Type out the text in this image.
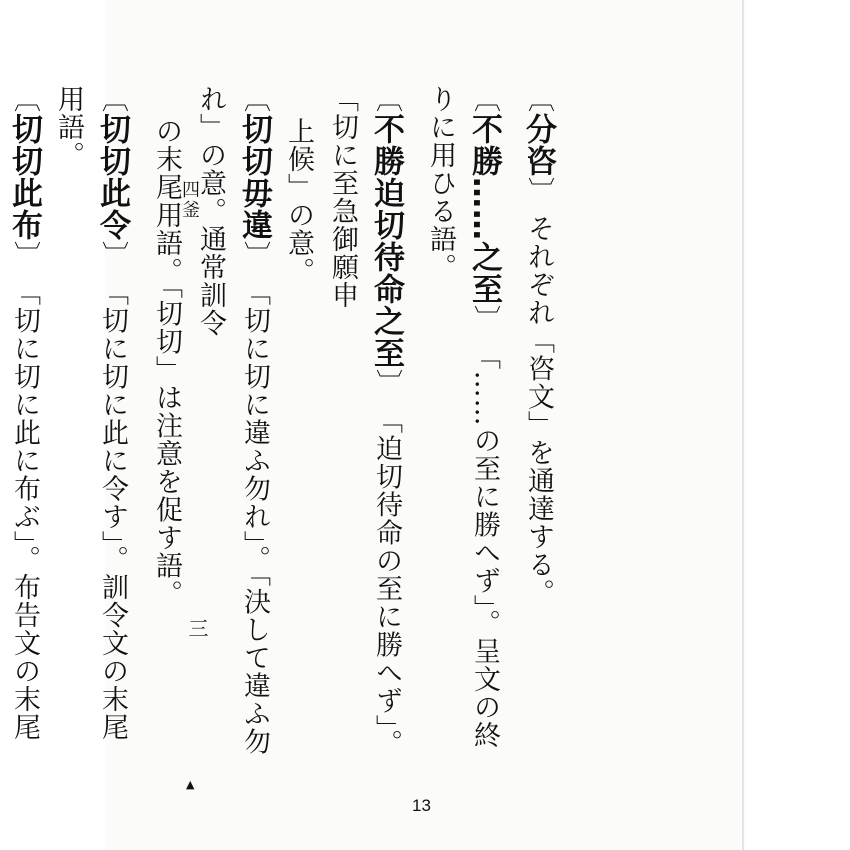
〔分咨〕 それぞれ「咨文」を通達する。

〔不勝……之至〕 「……の至に勝へず」。呈文の終りに用ひる語。

〔不勝迫切待命之至〕 「迫切待命の至に勝へず」。「切に至急御願申
上候」の意。

〔切切毋違〕 「切に切に違ふ勿れ」。「決して違ふ勿れ」の意。通常訓令
の末尾用語。「切切」は注意を促す語。

〔切切此令〕 「切に切に此に令す」。訓令文の末尾用語。

〔切切此布〕 「切に切に此に布ぶ」。布告文の末尾

四釜
三
▲
13
